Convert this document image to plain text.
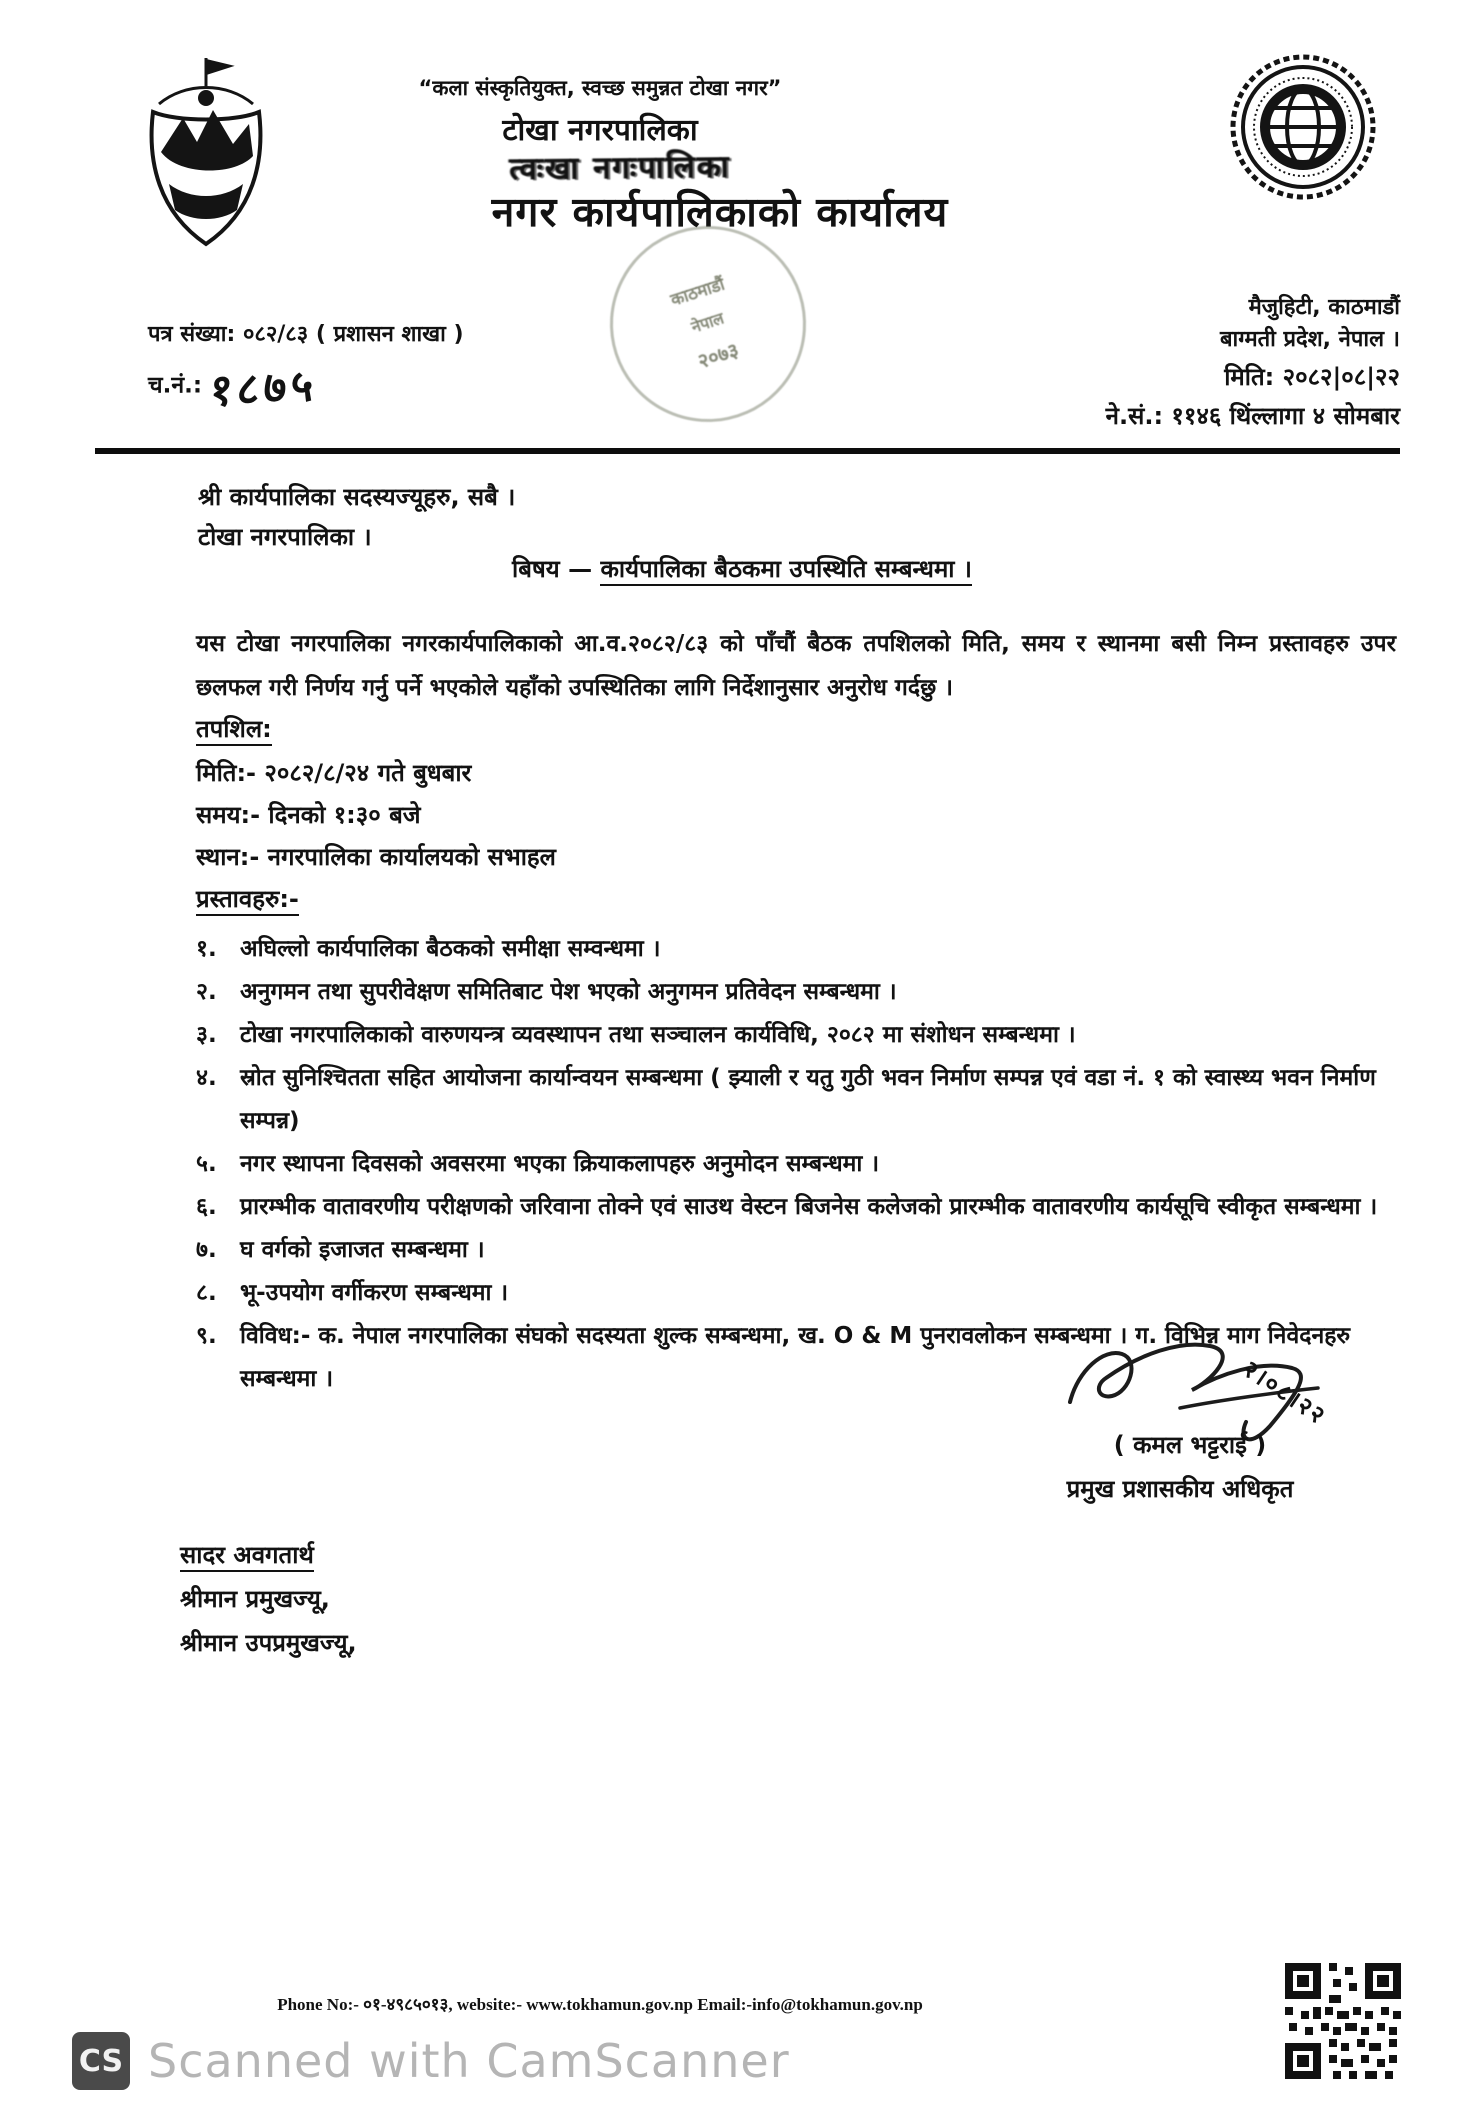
“कला संस्कृतियुक्त, स्वच्छ समुन्नत टोखा नगर”
टोखा नगरपालिका
त्वःखा नगःपालिका
नगर कार्यपालिकाको कार्यालय
काठमाडौं
नेपाल
२०७३
पत्र संख्या: ०८२/८३ ( प्रशासन शाखा )
च.नं.: १८७५
मैजुहिटी, काठमाडौं
बाग्मती प्रदेश, नेपाल ।
मिति: २०८२|०८|२२
ने.सं.: ११४६ थिंल्लागा ४ सोमबार
श्री कार्यपालिका सदस्यज्यूहरु, सबै ।
टोखा नगरपालिका ।
बिषय — कार्यपालिका बैठकमा उपस्थिति सम्बन्धमा ।
यस टोखा नगरपालिका नगरकार्यपालिकाको आ.व.२०८२/८३ को पाँचौं बैठक तपशिलको मिति, समय र स्थानमा बसी निम्न प्रस्तावहरु उपर छलफल गरी निर्णय गर्नु पर्ने भएकोले यहाँको उपस्थितिका लागि निर्देशानुसार अनुरोध गर्दछु ।
तपशिल:
मिति:- २०८२/८/२४ गते बुधबार
समय:- दिनको १:३० बजे
स्थान:- नगरपालिका कार्यालयको सभाहल
प्रस्तावहरु:-
१.	अघिल्लो कार्यपालिका बैठकको समीक्षा सम्वन्धमा ।
२.	अनुगमन तथा सुपरीवेक्षण समितिबाट पेश भएको अनुगमन प्रतिवेदन सम्बन्धमा ।
३.	टोखा नगरपालिकाको वारुणयन्त्र व्यवस्थापन तथा सञ्चालन कार्यविधि, २०८२ मा संशोधन सम्बन्धमा ।
४.	स्रोत सुनिश्चितता सहित आयोजना कार्यान्वयन सम्बन्धमा ( झ्याली र यतु गुठी भवन निर्माण सम्पन्न एवं वडा नं. १ को स्वास्थ्य भवन निर्माण सम्पन्न)
५.	नगर स्थापना दिवसको अवसरमा भएका क्रियाकलापहरु अनुमोदन सम्बन्धमा ।
६.	प्रारम्भीक वातावरणीय परीक्षणको जरिवाना तोक्ने एवं साउथ वेस्टन बिजनेस कलेजको प्रारम्भीक वातावरणीय कार्यसूचि स्वीकृत सम्बन्धमा ।
७.	घ वर्गको इजाजत सम्बन्धमा ।
८.	भू-उपयोग वर्गीकरण सम्बन्धमा ।
९.	विविध:- क. नेपाल नगरपालिका संघको सदस्यता शुल्क सम्बन्धमा, ख. O & M पुनरावलोकन सम्बन्धमा । ग. विभिन्न माग निवेदनहरु सम्बन्धमा ।	२।०८।२२
( कमल भट्टराई )
प्रमुख प्रशासकीय अधिकृत
सादर अवगतार्थ
श्रीमान प्रमुखज्यू,
श्रीमान उपप्रमुखज्यू,
Phone No:- ०१-४९८५०१३, website:- www.tokhamun.gov.np Email:-info@tokhamun.gov.np
CS Scanned with CamScanner
